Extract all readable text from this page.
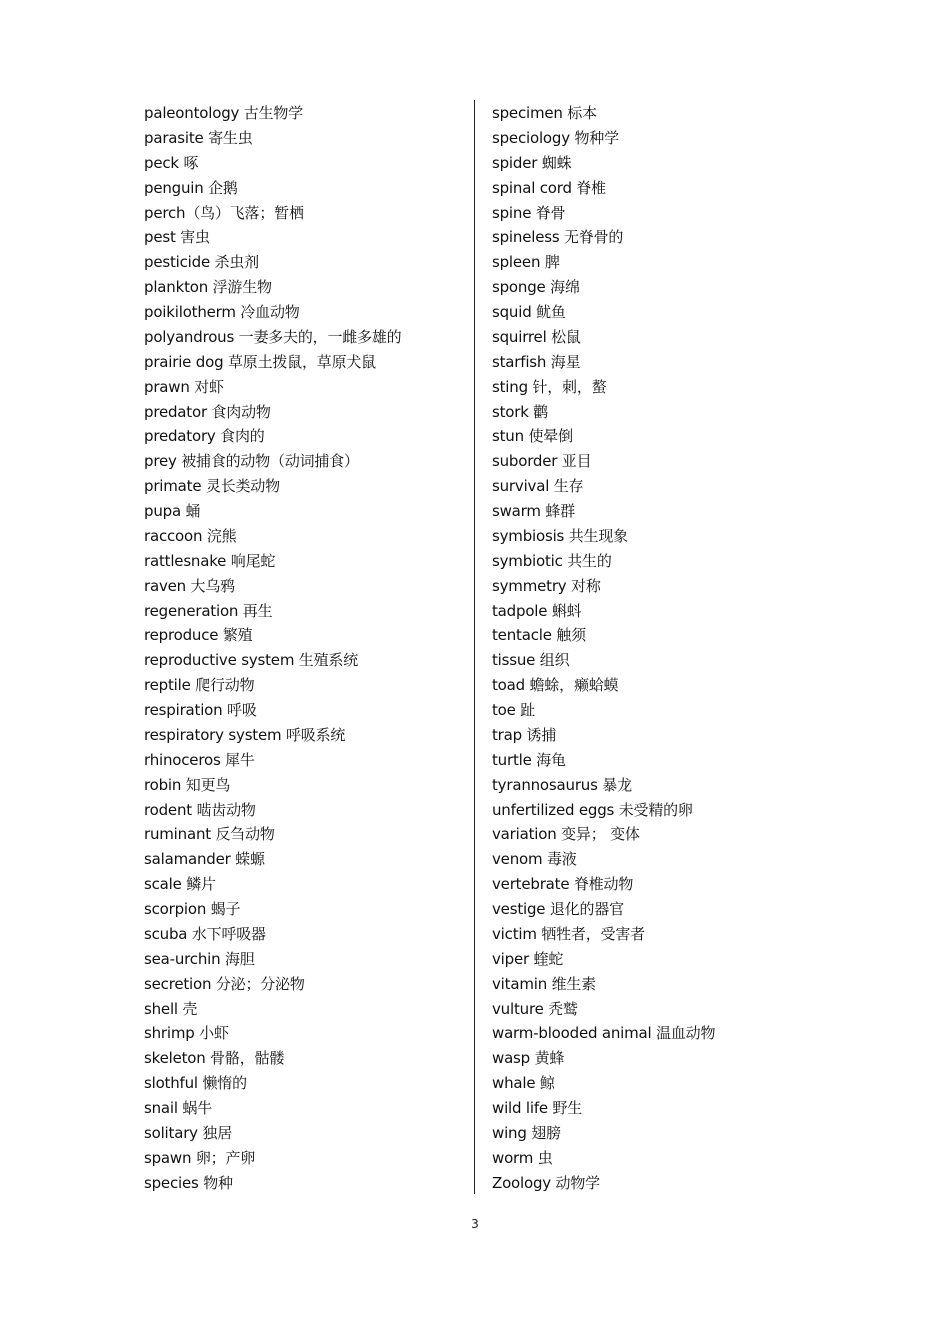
paleontology 古生物学
parasite 寄生虫
peck 啄
penguin 企鹅
perch（鸟）飞落；暂栖
pest 害虫
pesticide 杀虫剂
plankton 浮游生物
poikilotherm 冷血动物
polyandrous 一妻多夫的，一雌多雄的
prairie dog 草原土拨鼠，草原犬鼠
prawn 对虾
predator 食肉动物
predatory 食肉的
prey 被捕食的动物（动词捕食）
primate 灵长类动物
pupa 蛹
raccoon 浣熊
rattlesnake 响尾蛇
raven 大乌鸦
regeneration 再生
reproduce 繁殖
reproductive system 生殖系统
reptile 爬行动物
respiration 呼吸
respiratory system 呼吸系统
rhinoceros 犀牛
robin 知更鸟
rodent 啮齿动物
ruminant 反刍动物
salamander 蝾螈
scale 鳞片
scorpion 蝎子
scuba 水下呼吸器
sea-urchin 海胆
secretion 分泌；分泌物
shell 壳
shrimp 小虾
skeleton 骨骼，骷髅
slothful 懒惰的
snail 蜗牛
solitary 独居
spawn 卵；产卵
species 物种
specimen 标本
speciology 物种学
spider 蜘蛛
spinal cord 脊椎
spine 脊骨
spineless 无脊骨的
spleen 脾
sponge 海绵
squid 鱿鱼
squirrel 松鼠
starfish 海星
sting 针，刺，螯
stork 鹳
stun 使晕倒
suborder 亚目
survival 生存
swarm 蜂群
symbiosis 共生现象
symbiotic 共生的
symmetry 对称
tadpole 蝌蚪
tentacle 触须
tissue 组织
toad 蟾蜍，癞蛤蟆
toe 趾
trap 诱捕
turtle 海龟
tyrannosaurus 暴龙
unfertilized eggs 未受精的卵
variation 变异； 变体
venom 毒液
vertebrate 脊椎动物
vestige 退化的器官
victim 牺牲者，受害者
viper 蝰蛇
vitamin 维生素
vulture 秃鹫
warm-blooded animal 温血动物
wasp 黄蜂
whale 鲸
wild life 野生
wing 翅膀
worm 虫
Zoology 动物学
3
